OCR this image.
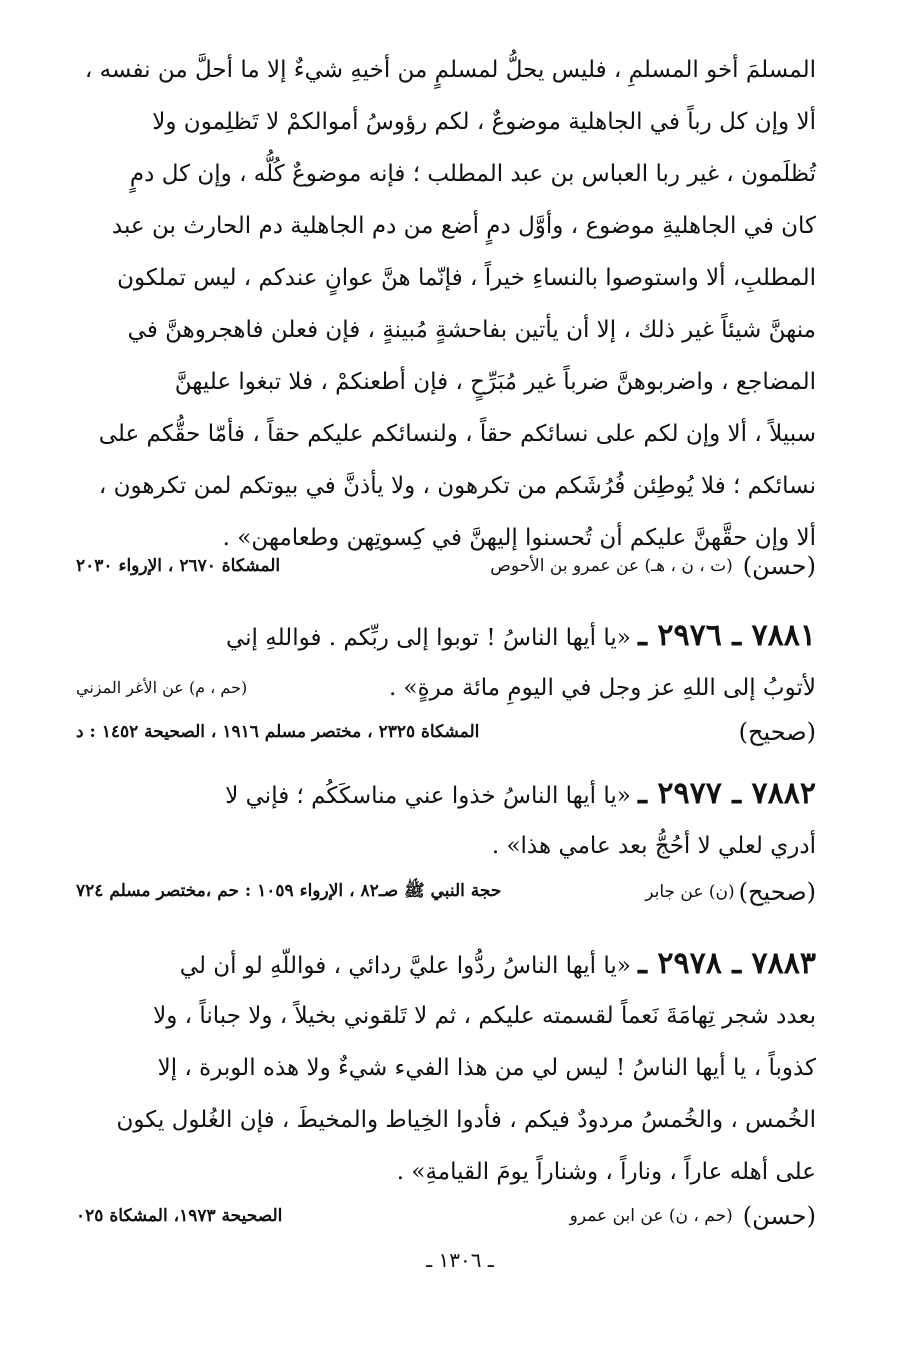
المسلمَ أخو المسلمِ ، فليس يحلُّ لمسلمٍ من أخيهِ شيءٌ إلا ما أحلَّ من نفسه ،
ألا وإن كل رباً في الجاهلية موضوعٌ ، لكم رؤوسُ أموالكمْ لا تَظلِمون ولا
تُظلَمون ، غير ربا العباس بن عبد المطلب ؛ فإنه موضوعٌ كُلُّه ، وإن كل دمٍ
كان في الجاهليةِ موضوع ، وأوَّل دمٍ أضع من دم الجاهلية دم الحارث بن عبد
المطلبِ، ألا واستوصوا بالنساءِ خيراً ، فإنّما هنَّ عوانٍ عندكم ، ليس تملكون
منهنَّ شيئاً غير ذلك ، إلا أن يأتين بفاحشةٍ مُبينةٍ ، فإن فعلن فاهجروهنَّ في
المضاجع ، واضربوهنَّ ضرباً غير مُبَرِّحٍ ، فإن أطعنكمْ ، فلا تبغوا عليهنَّ
سبيلاً ، ألا وإن لكم على نسائكم حقاً ، ولنسائكم عليكم حقاً ، فأمّا حقُّكم على
نسائكم ؛ فلا يُوطِئن فُرُشَكم من تكرهون ، ولا يأذنَّ في بيوتكم لمن تكرهون ،
ألا وإن حقَّهنَّ عليكم أن تُحسنوا إليهنَّ في كِسوتِهن وطعامهن» .
(حسن)
(ت ، ن ، هـ) عن عمرو بن الأحوص
المشكاة ٢٦٧٠ ، الإرواء ٢٠٣٠
٧٨٨١ ـ ٢٩٧٦ ـ «يا أيها الناسُ ! توبوا إلى ربِّكم . فواللهِ إني
لأتوبُ إلى اللهِ عز وجل في اليومِ مائة مرةٍ» .
(حم ، م) عن الأغر المزني
(صحيح)
المشكاة ٢٣٢٥ ، مختصر مسلم ١٩١٦ ، الصحيحة ١٤٥٢ : د
٧٨٨٢ ـ ٢٩٧٧ ـ «يا أيها الناسُ خذوا عني مناسكَكُم ؛ فإني لا
أدري لعلي لا أحُجُّ بعد عامي هذا» .
(صحيح)
(ن) عن جابر
حجة النبي ﷺ صـ٨٢ ، الإرواء ١٠٥٩ : حم ،مختصر مسلم ٧٢٤
٧٨٨٣ ـ ٢٩٧٨ ـ «يا أيها الناسُ ردُّوا عليَّ ردائي ، فواللّهِ لو أن لي
بعدد شجر تِهامَةَ نَعماً لقسمته عليكم ، ثم لا تَلقوني بخيلاً ، ولا جباناً ، ولا
كذوباً ، يا أيها الناسُ ! ليس لي من هذا الفيء شيءٌ ولا هذه الوبرة ، إلا
الخُمس ، والخُمسُ مردودٌ فيكم ، فأدوا الخِياط والمخيطَ ، فإن الغُلول يكون
على أهله عاراً ، وناراً ، وشناراً يومَ القيامةِ» .
(حسن)
(حم ، ن) عن ابن عمرو
الصحيحة ١٩٧٣، المشكاة ٠٢٥
ـ ١٣٠٦ ـ
